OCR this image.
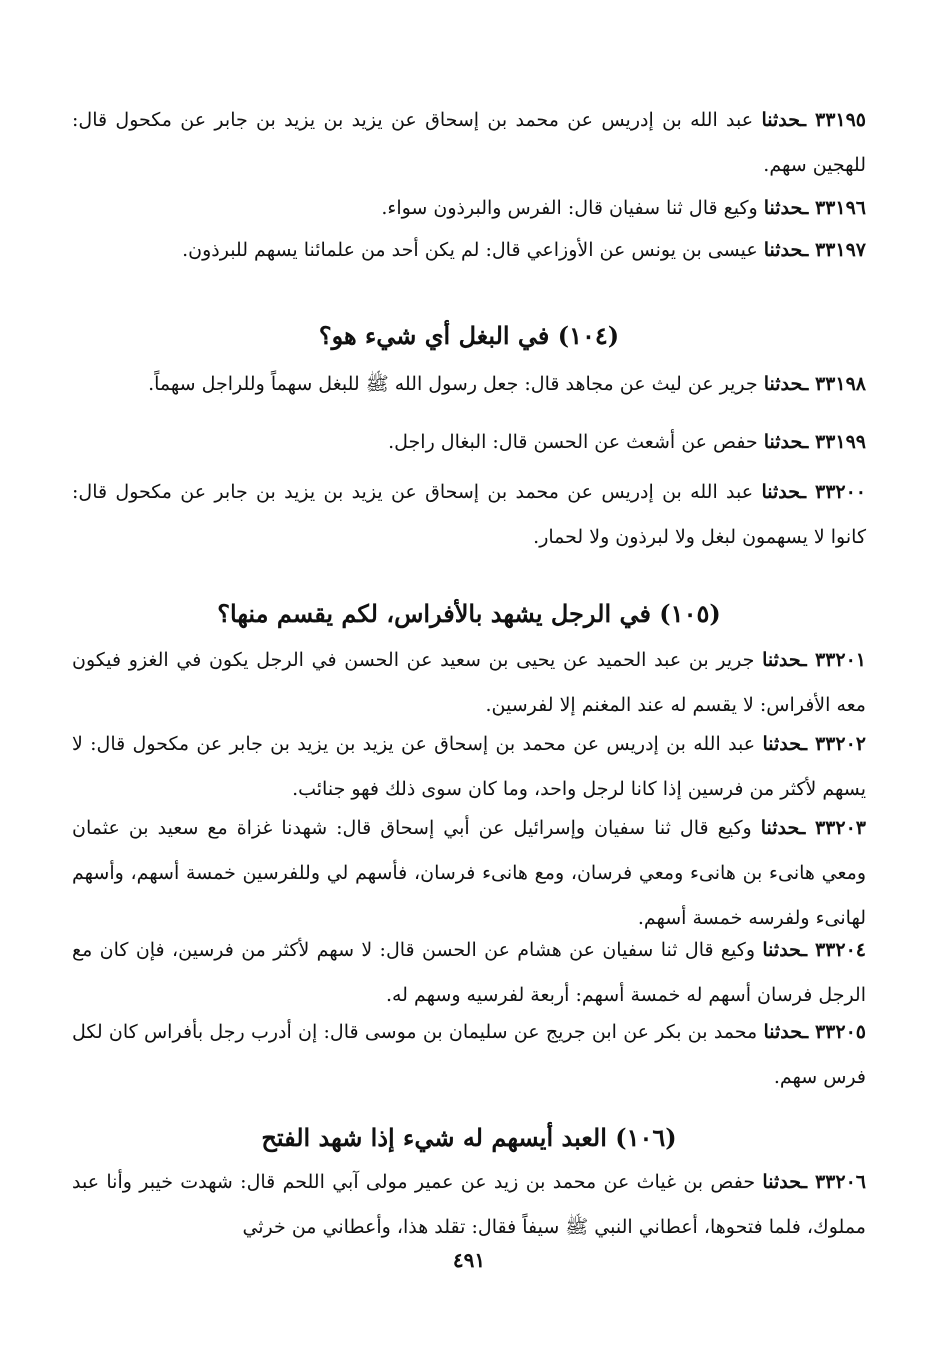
٣٣١٩٥ ـحدثنا عبد الله بن إدريس عن محمد بن إسحاق عن يزيد بن يزيد بن جابر عن مكحول قال: للهجين سهم.
٣٣١٩٦ ـحدثنا وكيع قال ثنا سفيان قال: الفرس والبرذون سواء.
٣٣١٩٧ ـحدثنا عيسى بن يونس عن الأوزاعي قال: لم يكن أحد من علمائنا يسهم للبرذون.
(١٠٤) في البغل أي شيء هو؟
٣٣١٩٨ ـحدثنا جرير عن ليث عن مجاهد قال: جعل رسول الله ﷺ للبغل سهماً وللراجل سهماً.
٣٣١٩٩ ـحدثنا حفص عن أشعث عن الحسن قال: البغال راجل.
٣٣٢٠٠ ـحدثنا عبد الله بن إدريس عن محمد بن إسحاق عن يزيد بن يزيد بن جابر عن مكحول قال: كانوا لا يسهمون لبغل ولا لبرذون ولا لحمار.
(١٠٥) في الرجل يشهد بالأفراس، لكم يقسم منها؟
٣٣٢٠١ ـحدثنا جرير بن عبد الحميد عن يحيى بن سعيد عن الحسن في الرجل يكون في الغزو فيكون معه الأفراس: لا يقسم له عند المغنم إلا لفرسين.
٣٣٢٠٢ ـحدثنا عبد الله بن إدريس عن محمد بن إسحاق عن يزيد بن يزيد بن جابر عن مكحول قال: لا يسهم لأكثر من فرسين إذا كانا لرجل واحد، وما كان سوى ذلك فهو جنائب.
٣٣٢٠٣ ـحدثنا وكيع قال ثنا سفيان وإسرائيل عن أبي إسحاق قال: شهدنا غزاة مع سعيد بن عثمان ومعي هانىء بن هانىء ومعي فرسان، ومع هانىء فرسان، فأسهم لي وللفرسين خمسة أسهم، وأسهم لهانىء ولفرسه خمسة أسهم.
٣٣٢٠٤ ـحدثنا وكيع قال ثنا سفيان عن هشام عن الحسن قال: لا سهم لأكثر من فرسين، فإن كان مع الرجل فرسان أسهم له خمسة أسهم: أربعة لفرسيه وسهم له.
٣٣٢٠٥ ـحدثنا محمد بن بكر عن ابن جريج عن سليمان بن موسى قال: إن أدرب رجل بأفراس كان لكل فرس سهم.
(١٠٦) العبد أيسهم له شيء إذا شهد الفتح
٣٣٢٠٦ ـحدثنا حفص بن غياث عن محمد بن زيد عن عمير مولى آبي اللحم قال: شهدت خيبر وأنا عبد مملوك، فلما فتحوها، أعطاني النبي ﷺ سيفاً فقال: تقلد هذا، وأعطاني من خرثي
٤٩١
